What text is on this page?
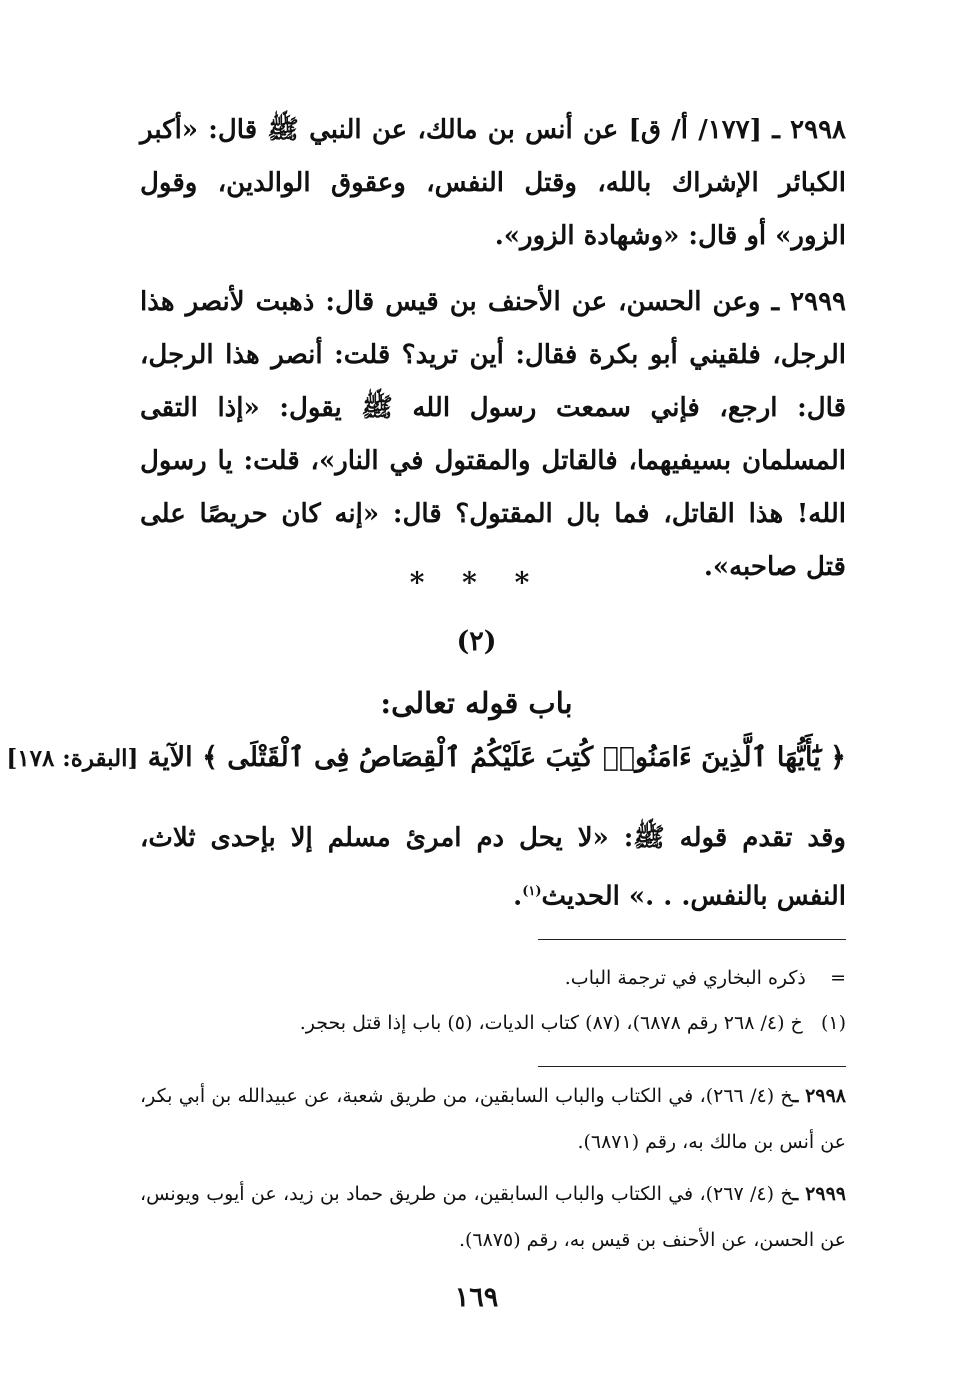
٢٩٩٨ ـ [١٧٧/ أ/ ق] عن أنس بن مالك، عن النبي ﷺ قال: «أكبر الكبائر الإشراك بالله، وقتل النفس، وعقوق الوالدين، وقول الزور» أو قال: «وشهادة الزور».
٢٩٩٩ ـ وعن الحسن، عن الأحنف بن قيس قال: ذهبت لأنصر هذا الرجل، فلقيني أبو بكرة فقال: أين تريد؟ قلت: أنصر هذا الرجل، قال: ارجع، فإني سمعت رسول الله ﷺ يقول: «إذا التقى المسلمان بسيفيهما، فالقاتل والمقتول في النار»، قلت: يا رسول الله! هذا القاتل، فما بال المقتول؟ قال: «إنه كان حريصًا على قتل صاحبه».
* * *
(٢)
باب قوله تعالى:
﴿ يَٰٓأَيُّهَا ٱلَّذِينَ ءَامَنُوا۟ كُتِبَ عَلَيْكُمُ ٱلْقِصَاصُ فِى ٱلْقَتْلَى ﴾ الآية [البقرة: ١٧٨]
وقد تقدم قوله ﷺ: «لا يحل دم امرئ مسلم إلا بإحدى ثلاث، النفس بالنفس. . .» الحديث$^{(١)}$.
=    ذكره البخاري في ترجمة الباب.
(١)   خ (٤/ ٢٦٨ رقم ٦٨٧٨)، (٨٧) كتاب الديات، (٥) باب إذا قتل بحجر.
٢٩٩٨ ـخ (٤/ ٢٦٦)، في الكتاب والباب السابقين، من طريق شعبة، عن عبيدالله بن أبي بكر، عن أنس بن مالك به، رقم (٦٨٧١).
٢٩٩٩ ـخ (٤/ ٢٦٧)، في الكتاب والباب السابقين، من طريق حماد بن زيد، عن أيوب ويونس، عن الحسن، عن الأحنف بن قيس به، رقم (٦٨٧٥).
١٦٩
